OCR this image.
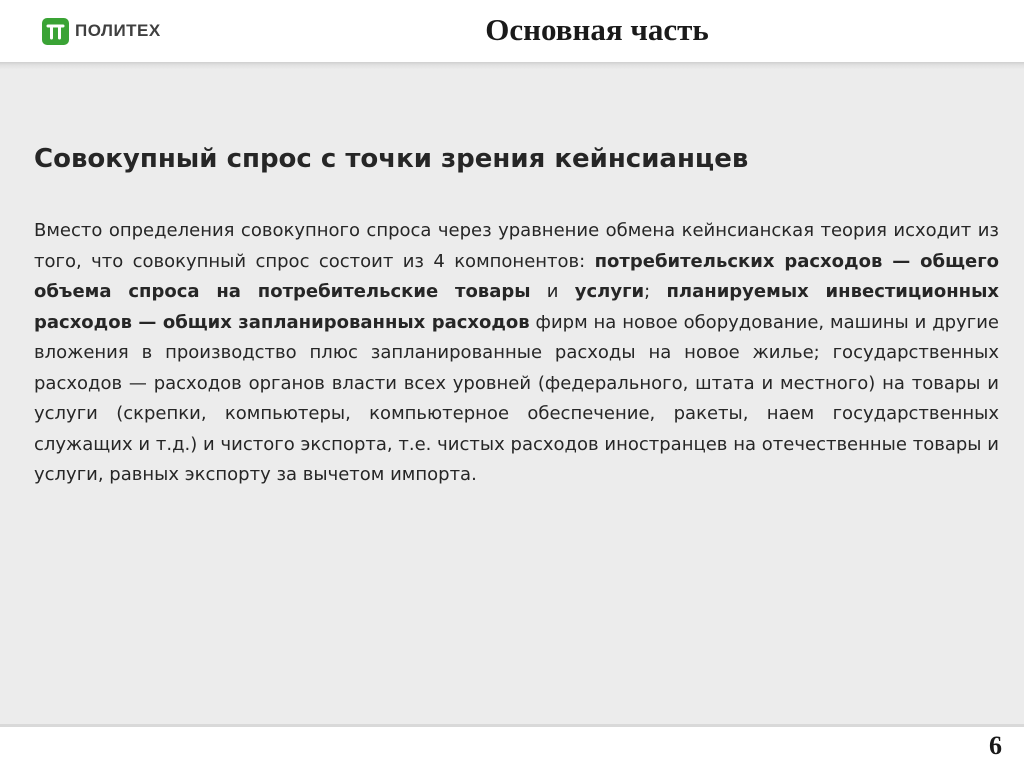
ПОЛИТЕХ	Основная часть
Совокупный спрос с точки зрения кейнсианцев
Вместо определения совокупного спроса через уравнение обмена кейнсианская теория исходит из того, что совокупный спрос состоит из 4 компонентов: потребительских расходов — общего объема спроса на потребительские товары и услуги; планируемых инвестиционных расходов — общих запланированных расходов фирм на новое оборудование, машины и другие вложения в производство плюс запланированные расходы на новое жилье; государственных расходов — расходов органов власти всех уровней (федерального, штата и местного) на товары и услуги (скрепки, компьютеры, компьютерное обеспечение, ракеты, наем государственных служащих и т.д.) и чистого экспорта, т.е. чистых расходов иностранцев на отечественные товары и услуги, равных экспорту за вычетом импорта.
6
